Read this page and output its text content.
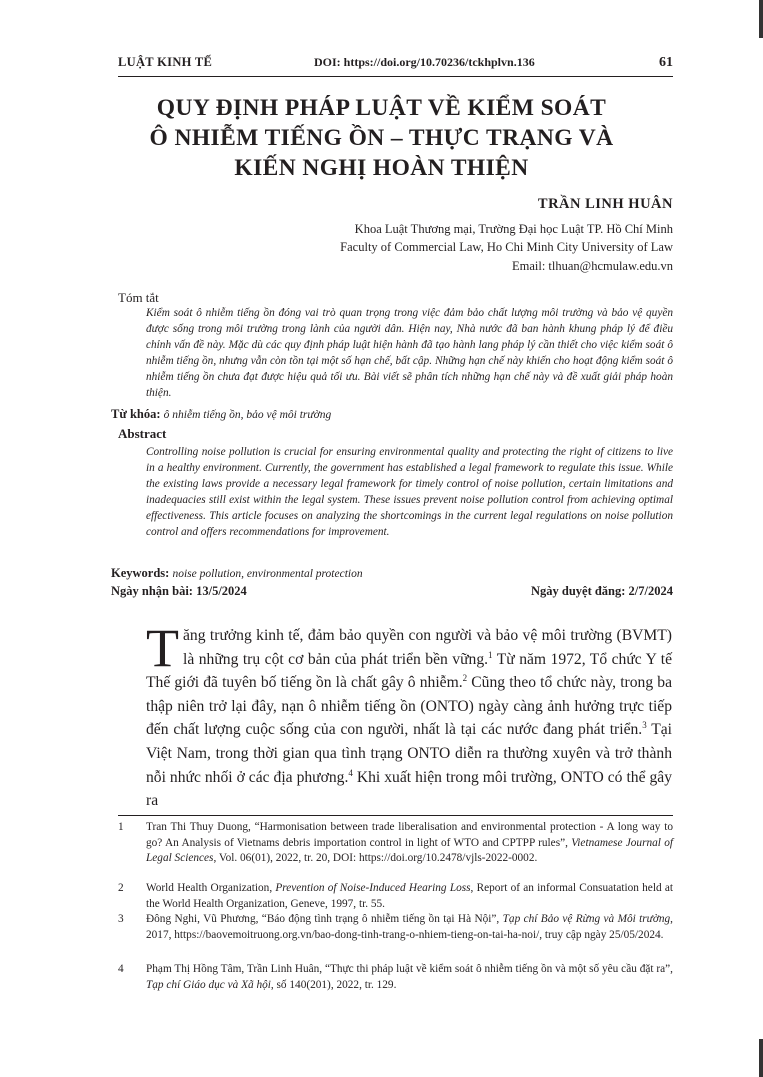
LUẬT KINH TẾ	DOI: https://doi.org/10.70236/tckhplvn.136	61
QUY ĐỊNH PHÁP LUẬT VỀ KIỂM SOÁT
Ô NHIỄM TIẾNG ỒN – THỰC TRẠNG VÀ
KIẾN NGHỊ HOÀN THIỆN
TRẦN LINH HUÂN
Khoa Luật Thương mại, Trường Đại học Luật TP. Hồ Chí Minh
Faculty of Commercial Law, Ho Chi Minh City University of Law
Email: tlhuan@hcmulaw.edu.vn
Tóm tắt
Kiểm soát ô nhiễm tiếng ồn đóng vai trò quan trọng trong việc đảm bảo chất lượng môi trường và bảo vệ quyền được sống trong môi trường trong lành của người dân. Hiện nay, Nhà nước đã ban hành khung pháp lý để điều chỉnh vấn đề này. Mặc dù các quy định pháp luật hiện hành đã tạo hành lang pháp lý cần thiết cho việc kiểm soát ô nhiễm tiếng ồn, nhưng vẫn còn tồn tại một số hạn chế, bất cập. Những hạn chế này khiến cho hoạt động kiểm soát ô nhiễm tiếng ồn chưa đạt được hiệu quả tối ưu. Bài viết sẽ phân tích những hạn chế này và đề xuất giải pháp hoàn thiện.
Từ khóa: ô nhiễm tiếng ồn, bảo vệ môi trường
Abstract
Controlling noise pollution is crucial for ensuring environmental quality and protecting the right of citizens to live in a healthy environment. Currently, the government has established a legal framework to regulate this issue. While the existing laws provide a necessary legal framework for timely control of noise pollution, certain limitations and inadequacies still exist within the legal system. These issues prevent noise pollution control from achieving optimal effectiveness. This article focuses on analyzing the shortcomings in the current legal regulations on noise pollution control and offers recommendations for improvement.
Keywords: noise pollution, environmental protection
Ngày nhận bài: 13/5/2024	Ngày duyệt đăng: 2/7/2024
Tăng trưởng kinh tế, đảm bảo quyền con người và bảo vệ môi trường (BVMT) là những trụ cột cơ bản của phát triển bền vững.$^1$ Từ năm 1972, Tổ chức Y tế Thế giới đã tuyên bố tiếng ồn là chất gây ô nhiễm.$^2$ Cũng theo tổ chức này, trong ba thập niên trở lại đây, nạn ô nhiễm tiếng ồn (ONTO) ngày càng ảnh hưởng trực tiếp đến chất lượng cuộc sống của con người, nhất là tại các nước đang phát triển.$^3$ Tại Việt Nam, trong thời gian qua tình trạng ONTO diễn ra thường xuyên và trở thành nỗi nhức nhối ở các địa phương.$^4$ Khi xuất hiện trong môi trường, ONTO có thể gây ra
1 Tran Thi Thuy Duong, “Harmonisation between trade liberalisation and environmental protection - A long way to go? An Analysis of Vietnams debris importation control in light of WTO and CPTPP rules”, Vietnamese Journal of Legal Sciences, Vol. 06(01), 2022, tr. 20, DOI: https://doi.org/10.2478/vjls-2022-0002.
2 World Health Organization, Prevention of Noise-Induced Hearing Loss, Report of an informal Consuatation held at the World Health Organization, Geneve, 1997, tr. 55.
3 Đông Nghi, Vũ Phương, “Báo động tình trạng ô nhiễm tiếng ồn tại Hà Nội”, Tạp chí Bảo vệ Rừng và Môi trường, 2017, https://baovemoitruong.org.vn/bao-dong-tinh-trang-o-nhiem-tieng-on-tai-ha-noi/, truy cập ngày 25/05/2024.
4 Phạm Thị Hồng Tâm, Trần Linh Huân, “Thực thi pháp luật về kiểm soát ô nhiễm tiếng ồn và một số yêu cầu đặt ra”, Tạp chí Giáo dục và Xã hội, số 140(201), 2022, tr. 129.
